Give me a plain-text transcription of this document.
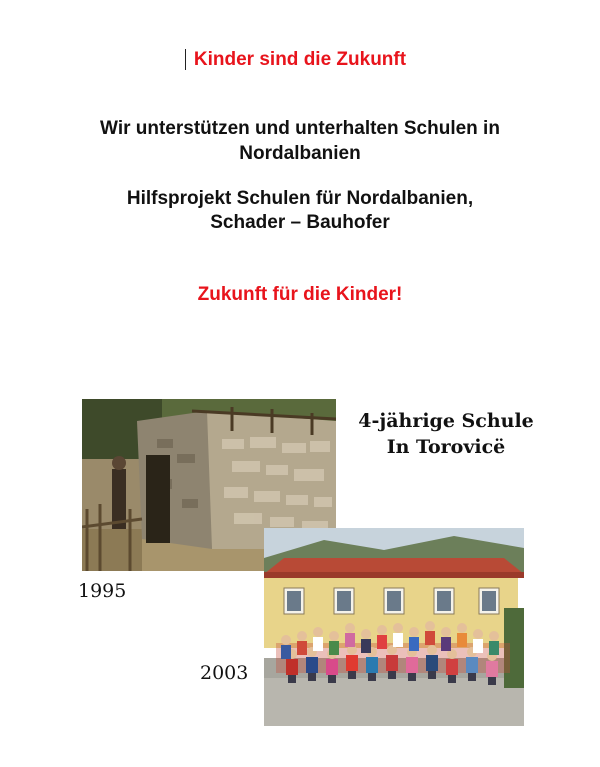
Kinder sind die Zukunft
Wir unterstützen und unterhalten Schulen in
Nordalbanien
Hilfsprojekt Schulen für Nordalbanien,
Schader – Bauhofer
Zukunft für die Kinder!
4-jährige Schule
In Torovicë
1995
2003
